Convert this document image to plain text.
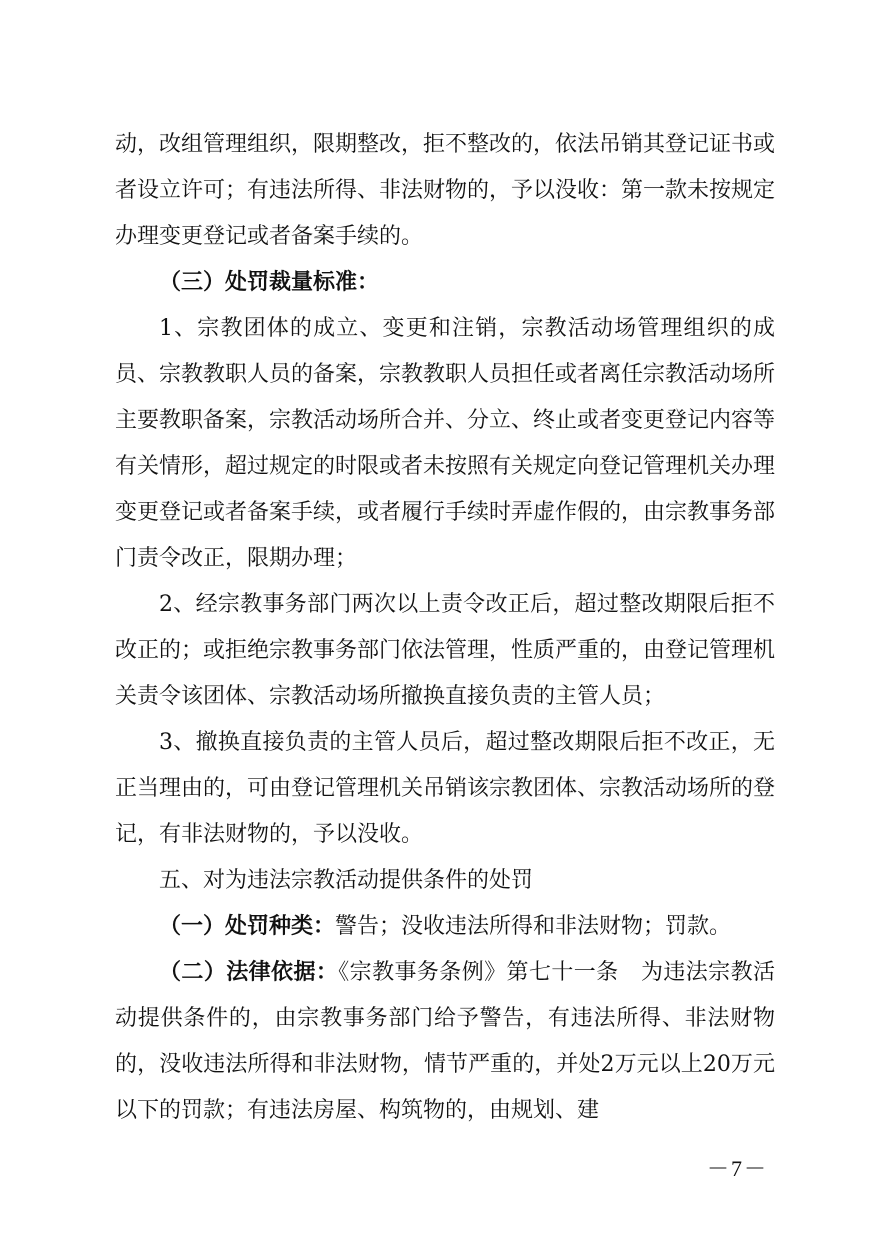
动，改组管理组织，限期整改，拒不整改的，依法吊销其登记证书或者设立许可；有违法所得、非法财物的，予以没收：第一款未按规定办理变更登记或者备案手续的。

（三）处罚裁量标准：

1、宗教团体的成立、变更和注销，宗教活动场管理组织的成员、宗教教职人员的备案，宗教教职人员担任或者离任宗教活动场所主要教职备案，宗教活动场所合并、分立、终止或者变更登记内容等有关情形，超过规定的时限或者未按照有关规定向登记管理机关办理变更登记或者备案手续，或者履行手续时弄虚作假的，由宗教事务部门责令改正，限期办理；

2、经宗教事务部门两次以上责令改正后，超过整改期限后拒不改正的；或拒绝宗教事务部门依法管理，性质严重的，由登记管理机关责令该团体、宗教活动场所撤换直接负责的主管人员；

3、撤换直接负责的主管人员后，超过整改期限后拒不改正，无正当理由的，可由登记管理机关吊销该宗教团体、宗教活动场所的登记，有非法财物的，予以没收。

五、对为违法宗教活动提供条件的处罚

（一）处罚种类：警告；没收违法所得和非法财物；罚款。

（二）法律依据：《宗教事务条例》第七十一条　为违法宗教活动提供条件的，由宗教事务部门给予警告，有违法所得、非法财物的，没收违法所得和非法财物，情节严重的，并处2万元以上20万元以下的罚款；有违法房屋、构筑物的，由规划、建

－7－
